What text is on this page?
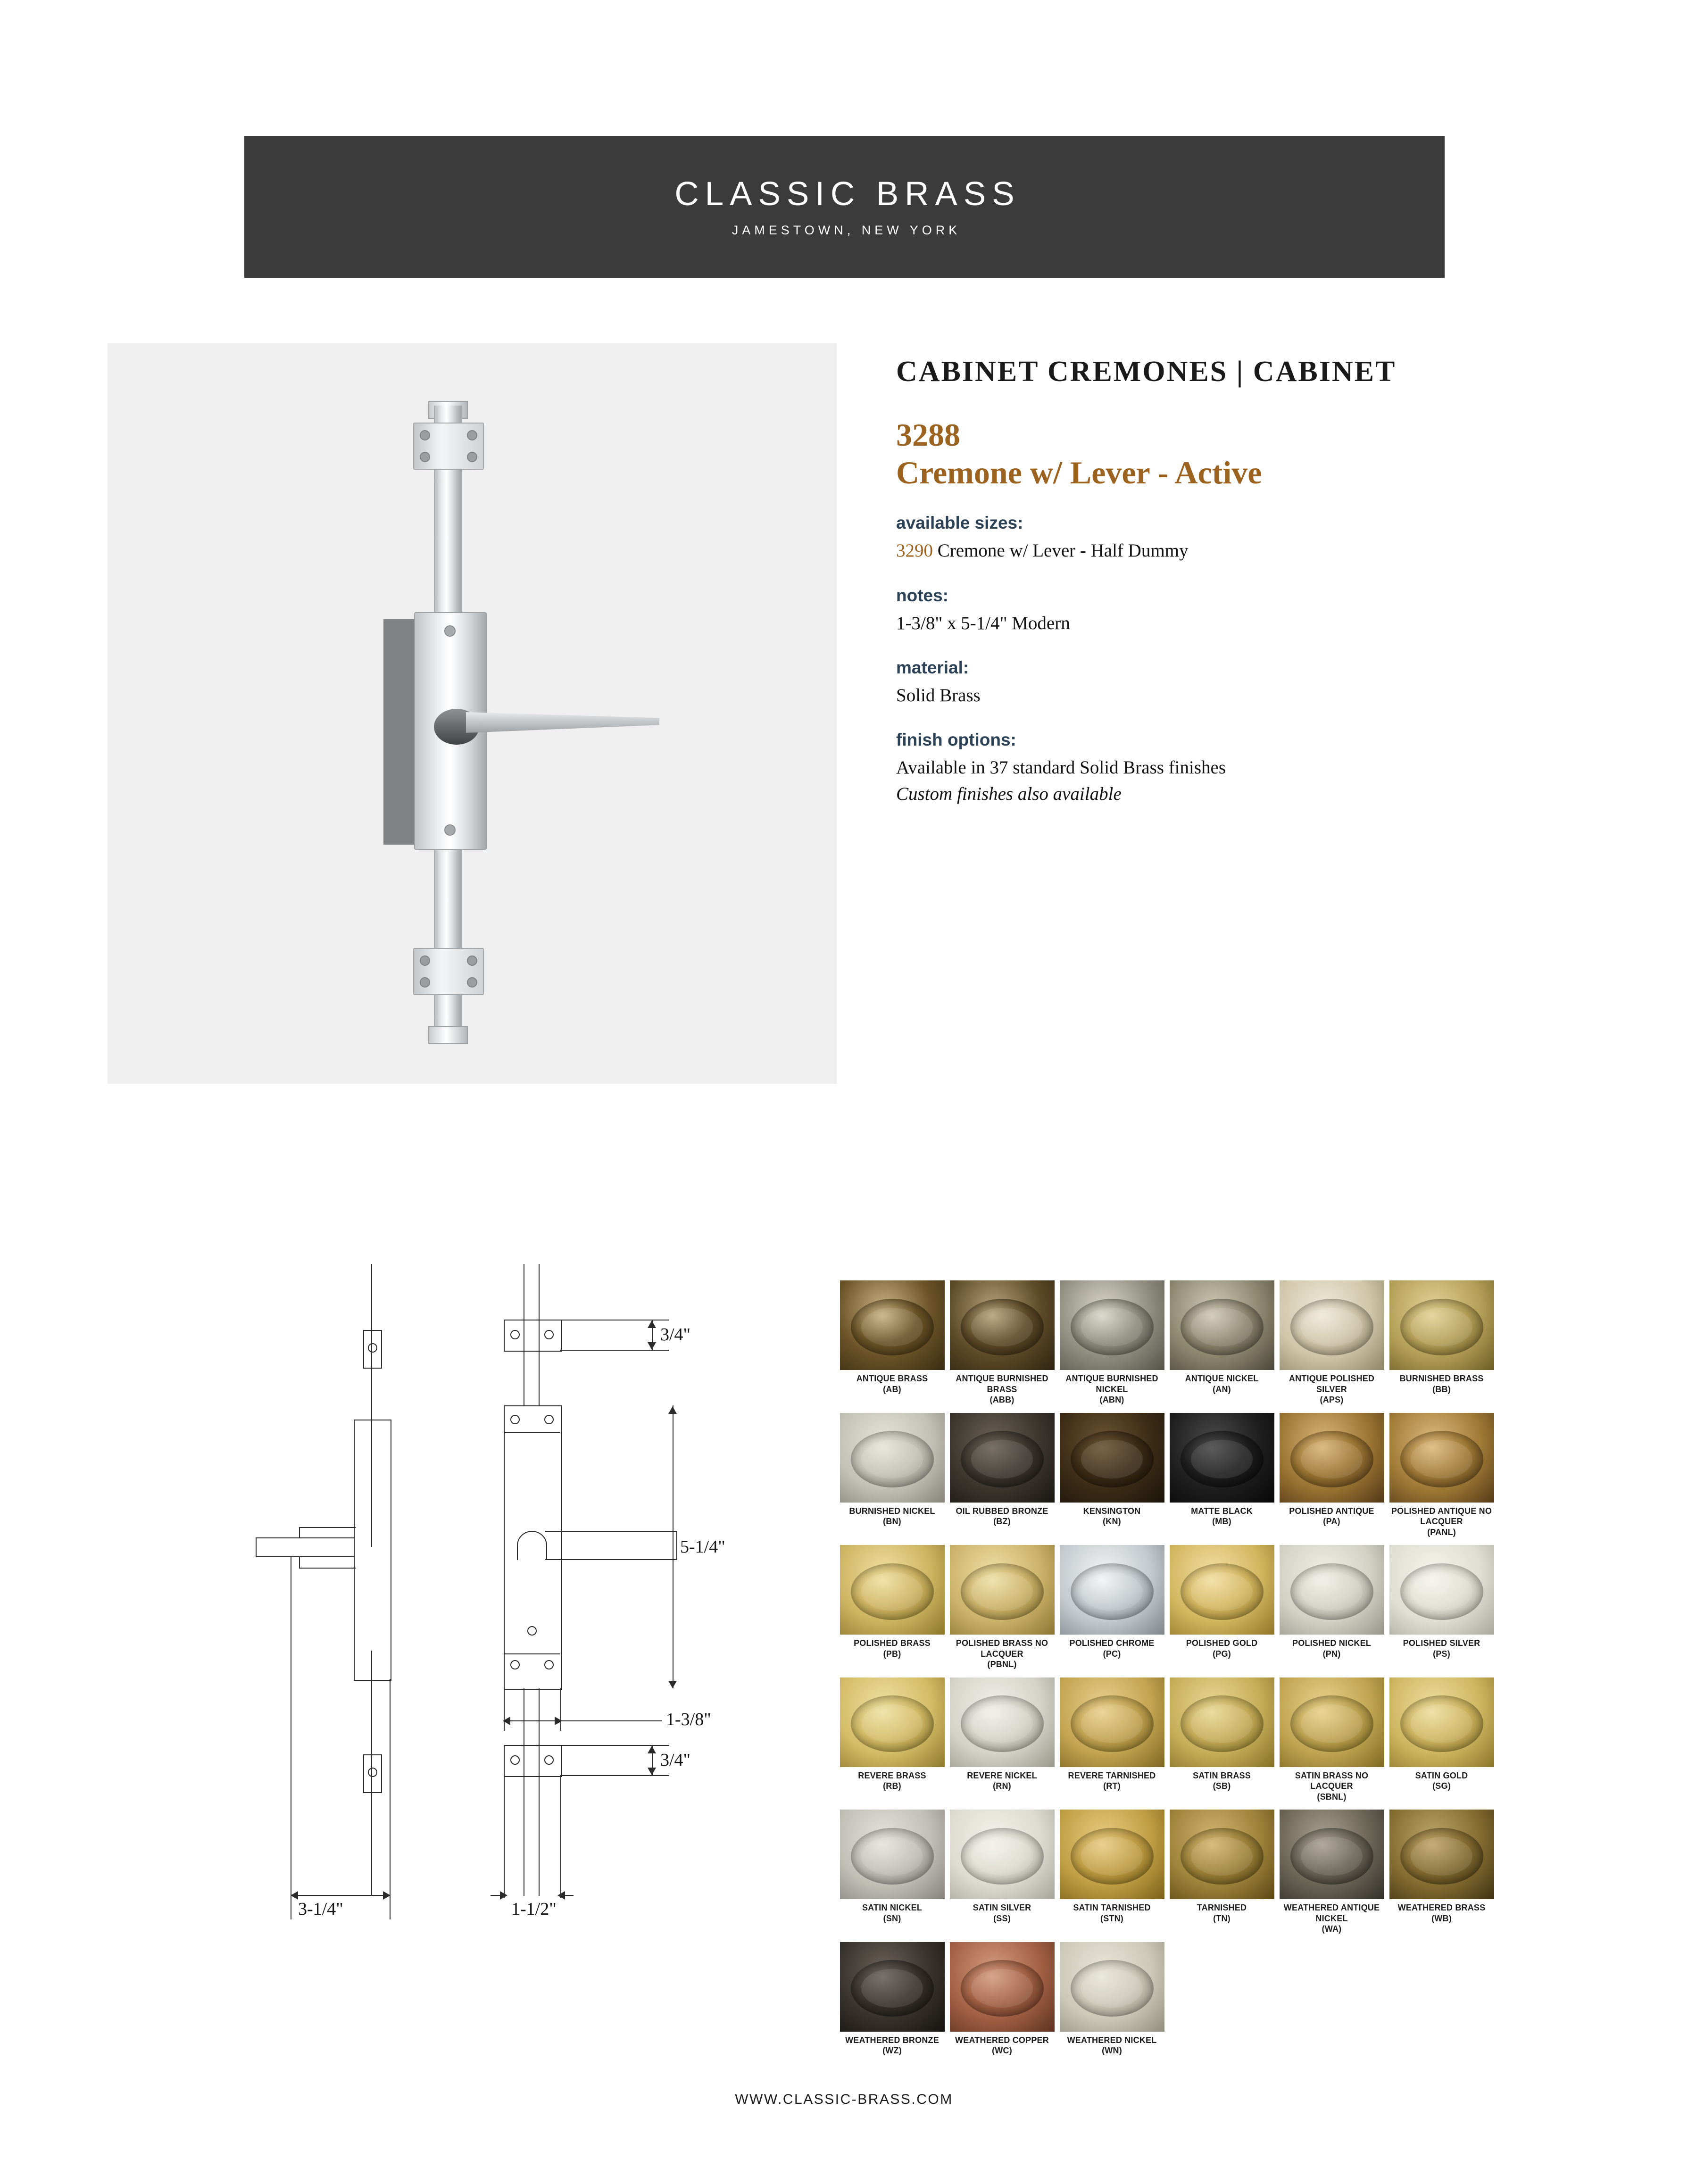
CLASSIC BRASS
JAMESTOWN, NEW YORK
CABINET CREMONES | CABINET
3288
Cremone w/ Lever - Active
available sizes:
3290 Cremone w/ Lever - Half Dummy
notes:
1-3/8" x 5-1/4" Modern
material:
Solid Brass
finish options:
Available in 37 standard Solid Brass finishes
Custom finishes also available
3-1/4"
3/4"
5-1/4"
1-3/8"
3/4"
1-1/2"
ANTIQUE BRASS
(AB)
ANTIQUE BURNISHED BRASS
(ABB)
ANTIQUE BURNISHED NICKEL
(ABN)
ANTIQUE NICKEL
(AN)
ANTIQUE POLISHED SILVER
(APS)
BURNISHED BRASS
(BB)
BURNISHED NICKEL
(BN)
OIL RUBBED BRONZE
(BZ)
KENSINGTON
(KN)
MATTE BLACK
(MB)
POLISHED ANTIQUE
(PA)
POLISHED ANTIQUE NO LACQUER
(PANL)
POLISHED BRASS
(PB)
POLISHED BRASS NO LACQUER
(PBNL)
POLISHED CHROME
(PC)
POLISHED GOLD
(PG)
POLISHED NICKEL
(PN)
POLISHED SILVER
(PS)
REVERE BRASS
(RB)
REVERE NICKEL
(RN)
REVERE TARNISHED
(RT)
SATIN BRASS
(SB)
SATIN BRASS NO LACQUER
(SBNL)
SATIN GOLD
(SG)
SATIN NICKEL
(SN)
SATIN SILVER
(SS)
SATIN TARNISHED
(STN)
TARNISHED
(TN)
WEATHERED ANTIQUE NICKEL
(WA)
WEATHERED BRASS
(WB)
WEATHERED BRONZE
(WZ)
WEATHERED COPPER
(WC)
WEATHERED NICKEL
(WN)
WWW.CLASSIC-BRASS.COM
